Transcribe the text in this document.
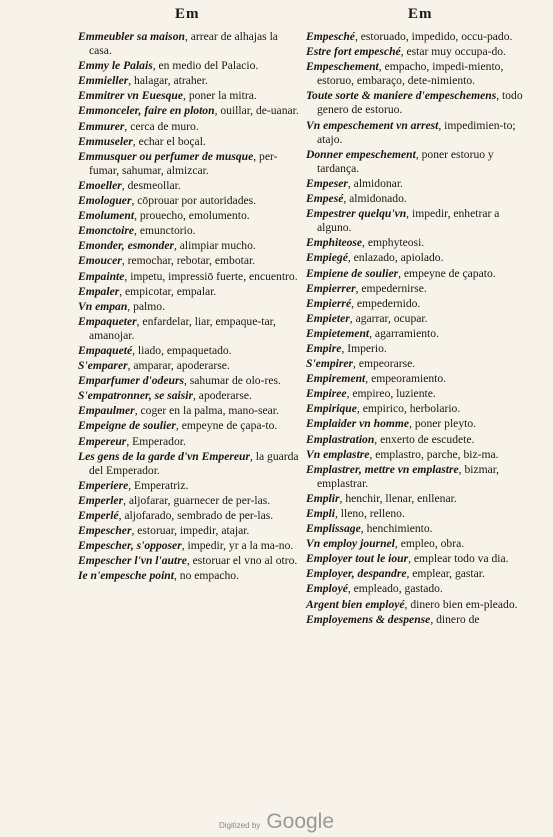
Em	Em
Emmeubler sa maison, arrear de alhajas la casa.
Emmy le Palais, en medio del Palacio.
Emmieller, halagar, atraher.
Emmitrer vn Euesque, poner la mitra.
Emmonceler, faire en ploton, ouillar, de-uanar.
Emmurer, cerca de muro.
Emmuseler, echar el boçal.
Emmusquer ou perfumer de musque, per-fumar, sahumar, almizcar.
Emoeller, desmeollar.
Emologuer, cōprouar por autoridades.
Emolument, prouecho, emolumento.
Emonctoire, emunctorio.
Emonder, esmonder, alimpiar mucho.
Emoucer, remochar, rebotar, embotar.
Empainte, impetu, impressiō fuerte, encuentro.
Empaler, empicotar, empalar.
Vn empan, palmo.
Empaqueter, enfardelar, liar, empaque-tar, amanojar.
Empaqueté, liado, empaquetado.
S'emparer, amparar, apoderarse.
Emparfumer d'odeurs, sahumar de olo-res.
S'empatronner, se saisir, apoderarse.
Empaulmer, coger en la palma, mano-sear.
Empeigne de soulier, empeyne de çapa-to.
Empereur, Emperador.
Les gens de la garde d'vn Empereur, la guarda del Emperador.
Emperiere, Emperatriz.
Emperler, aljofarar, guarnecer de per-las.
Emperlé, aljofarado, sembrado de per-las.
Empescher, estoruar, impedir, atajar.
Empescher, s'opposer, impedir, yr a la ma-no.
Empescher l'vn l'autre, estoruar el vno al otro.
Ie n'empesche point, no empacho.
Empesché, estoruado, impedido, occu-pado.
Estre fort empesché, estar muy occupa-do.
Empeschement, empacho, impedi-miento, estoruo, embaraço, dete-nimiento.
Toute sorte & maniere d'empeschemens, todo genero de estoruo.
Vn empeschement vn arrest, impedimien-to; atajo.
Donner empeschement, poner estoruo y tardança.
Empeser, almidonar.
Empesé, almidonado.
Empestrer quelqu'vn, impedir, enhetrar a alguno.
Emphiteose, emphyteosi.
Empiegé, enlazado, apiolado.
Empiene de soulier, empeyne de çapato.
Empierrer, empedernirse.
Empierré, empedernido.
Empieter, agarrar, ocupar.
Empietement, agarramiento.
Empire, Imperio.
S'empirer, empeorarse.
Empirement, empeoramiento.
Empiree, empireo, luziente.
Empirique, empirico, herbolario.
Emplaider vn homme, poner pleyto.
Emplastration, enxerto de escudete.
Vn emplastre, emplastro, parche, biz-ma.
Emplastrer, mettre vn emplastre, bizmar, emplastrar.
Emplir, henchir, llenar, enllenar.
Empli, lleno, relleno.
Emplissage, henchimiento.
Vn employ journel, empleo, obra.
Employer tout le iour, emplear todo va dia.
Employer, despandre, emplear, gastar.
Employé, empleado, gastado.
Argent bien employé, dinero bien em-pleado.
Employemens & despense, dinero de
Digitized by Google
